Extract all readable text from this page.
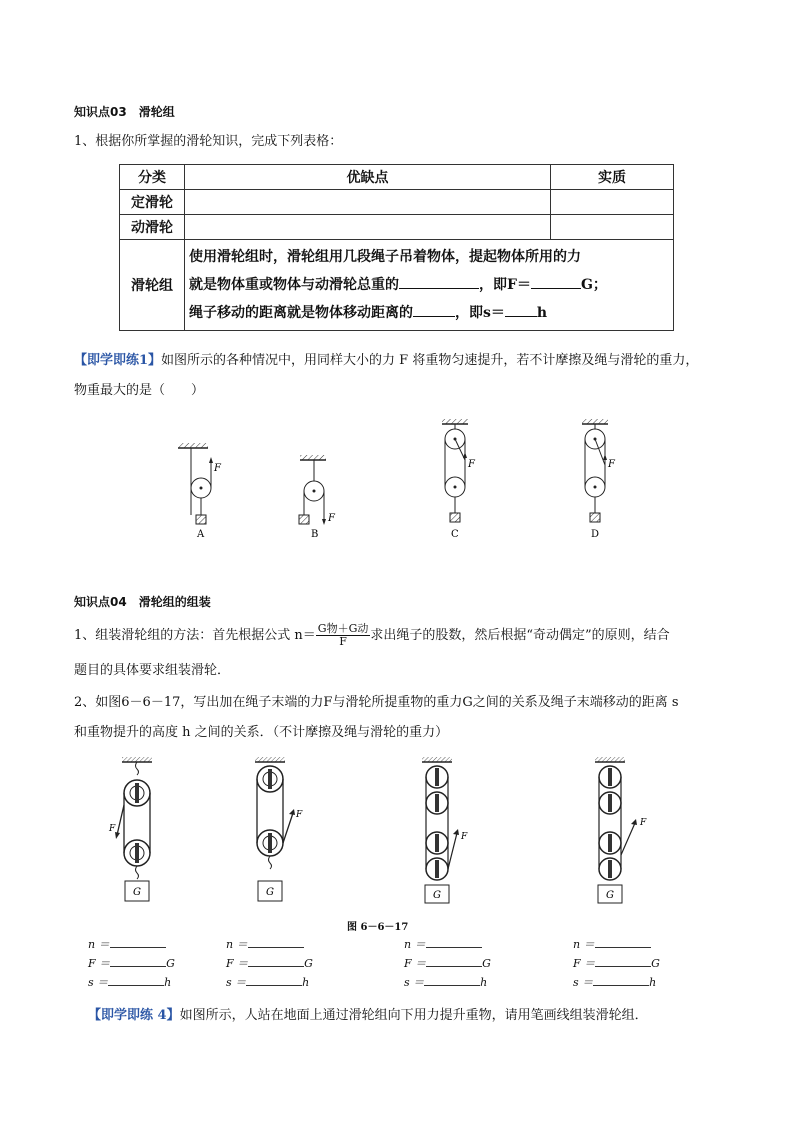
知识点03　滑轮组
1、根据你所掌握的滑轮知识，完成下列表格：
分类	优缺点	实质
定滑轮		
动滑轮		
滑轮组	使用滑轮组时，滑轮组用几段绳子吊着物体，提起物体所用的力
就是物体重或物体与动滑轮总重的 ，即F＝ G；
绳子移动的距离就是物体移动距离的 ，即s＝ h	
【即学即练1】如图所示的各种情况中，用同样大小的力 F 将重物匀速提升，若不计摩擦及绳与滑轮的重力，
物重最大的是（　　）
F
F
F	F
A	B	C	D
知识点04　滑轮组的组装
1、组装滑轮组的方法：首先根据公式 $n= \frac{\text{G物＋G动}}{F}$求出绳子的股数，然后根据“奇动偶定”的原则，结合
题目的具体要求组装滑轮．
2、如图6－6－17，写出加在绳子末端的力F与滑轮所提重物的重力G之间的关系及绳子末端移动的距离 s
和重物提升的高度 h 之间的关系．（不计摩擦及绳与滑轮的重力）
F
F
F
F
G	G	G	G
图 6－6－17
n ＝
F ＝	G
s ＝	h
n ＝
F ＝	G
s ＝	h
n ＝
F ＝	G
s ＝	h
n ＝
F ＝	G
s ＝	h
【即学即练 4】如图所示，人站在地面上通过滑轮组向下用力提升重物，请用笔画线组装滑轮组．
